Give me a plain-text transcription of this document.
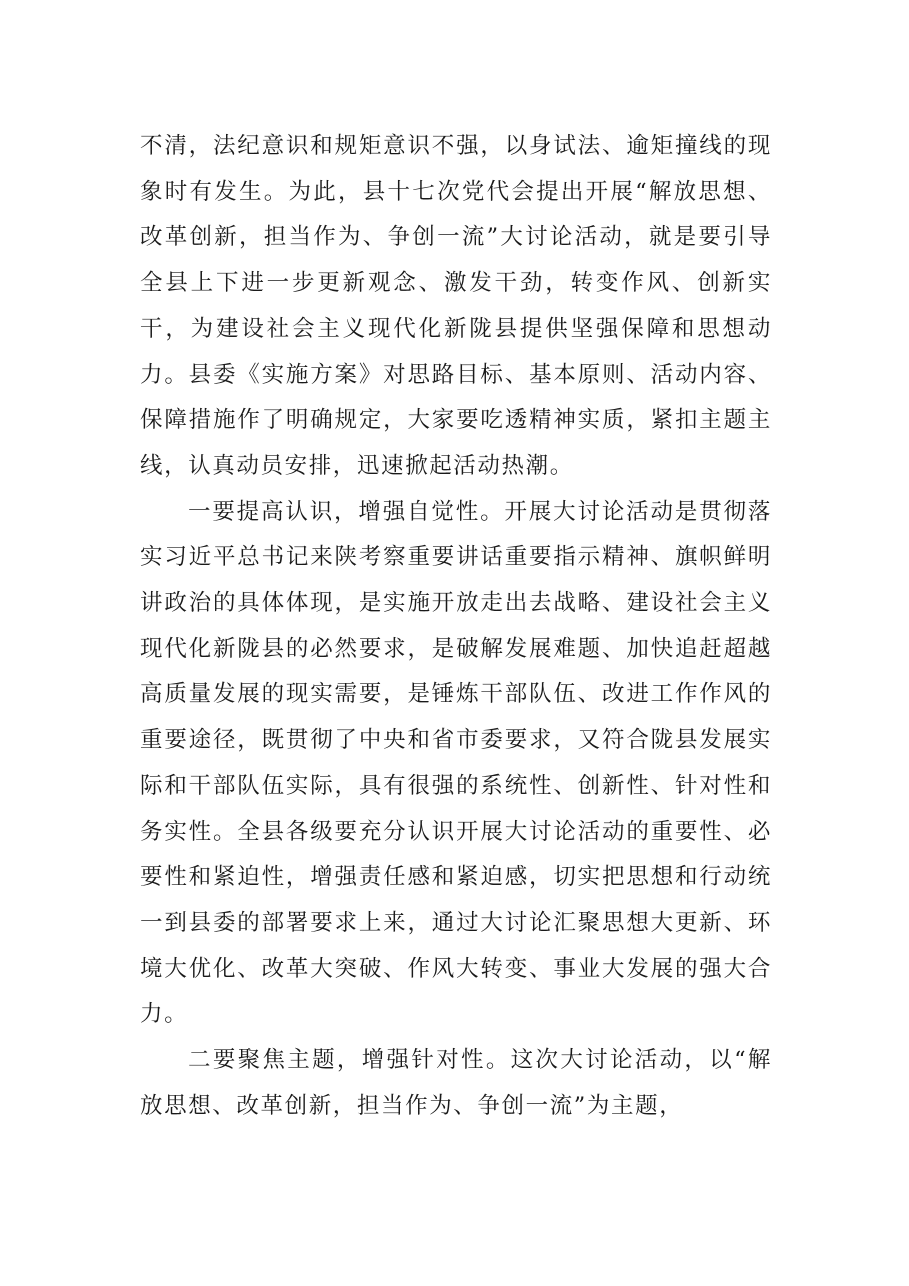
不清，法纪意识和规矩意识不强，以身试法、逾矩撞线的现象时有发生。为此，县十七次党代会提出开展“解放思想、改革创新，担当作为、争创一流”大讨论活动，就是要引导全县上下进一步更新观念、激发干劲，转变作风、创新实干，为建设社会主义现代化新陇县提供坚强保障和思想动力。县委《实施方案》对思路目标、基本原则、活动内容、保障措施作了明确规定，大家要吃透精神实质，紧扣主题主线，认真动员安排，迅速掀起活动热潮。

一要提高认识，增强自觉性。开展大讨论活动是贯彻落实习近平总书记来陕考察重要讲话重要指示精神、旗帜鲜明讲政治的具体体现，是实施开放走出去战略、建设社会主义现代化新陇县的必然要求，是破解发展难题、加快追赶超越高质量发展的现实需要，是锤炼干部队伍、改进工作作风的重要途径，既贯彻了中央和省市委要求，又符合陇县发展实际和干部队伍实际，具有很强的系统性、创新性、针对性和务实性。全县各级要充分认识开展大讨论活动的重要性、必要性和紧迫性，增强责任感和紧迫感，切实把思想和行动统一到县委的部署要求上来，通过大讨论汇聚思想大更新、环境大优化、改革大突破、作风大转变、事业大发展的强大合力。

二要聚焦主题，增强针对性。这次大讨论活动，以“解放思想、改革创新，担当作为、争创一流”为主题，
